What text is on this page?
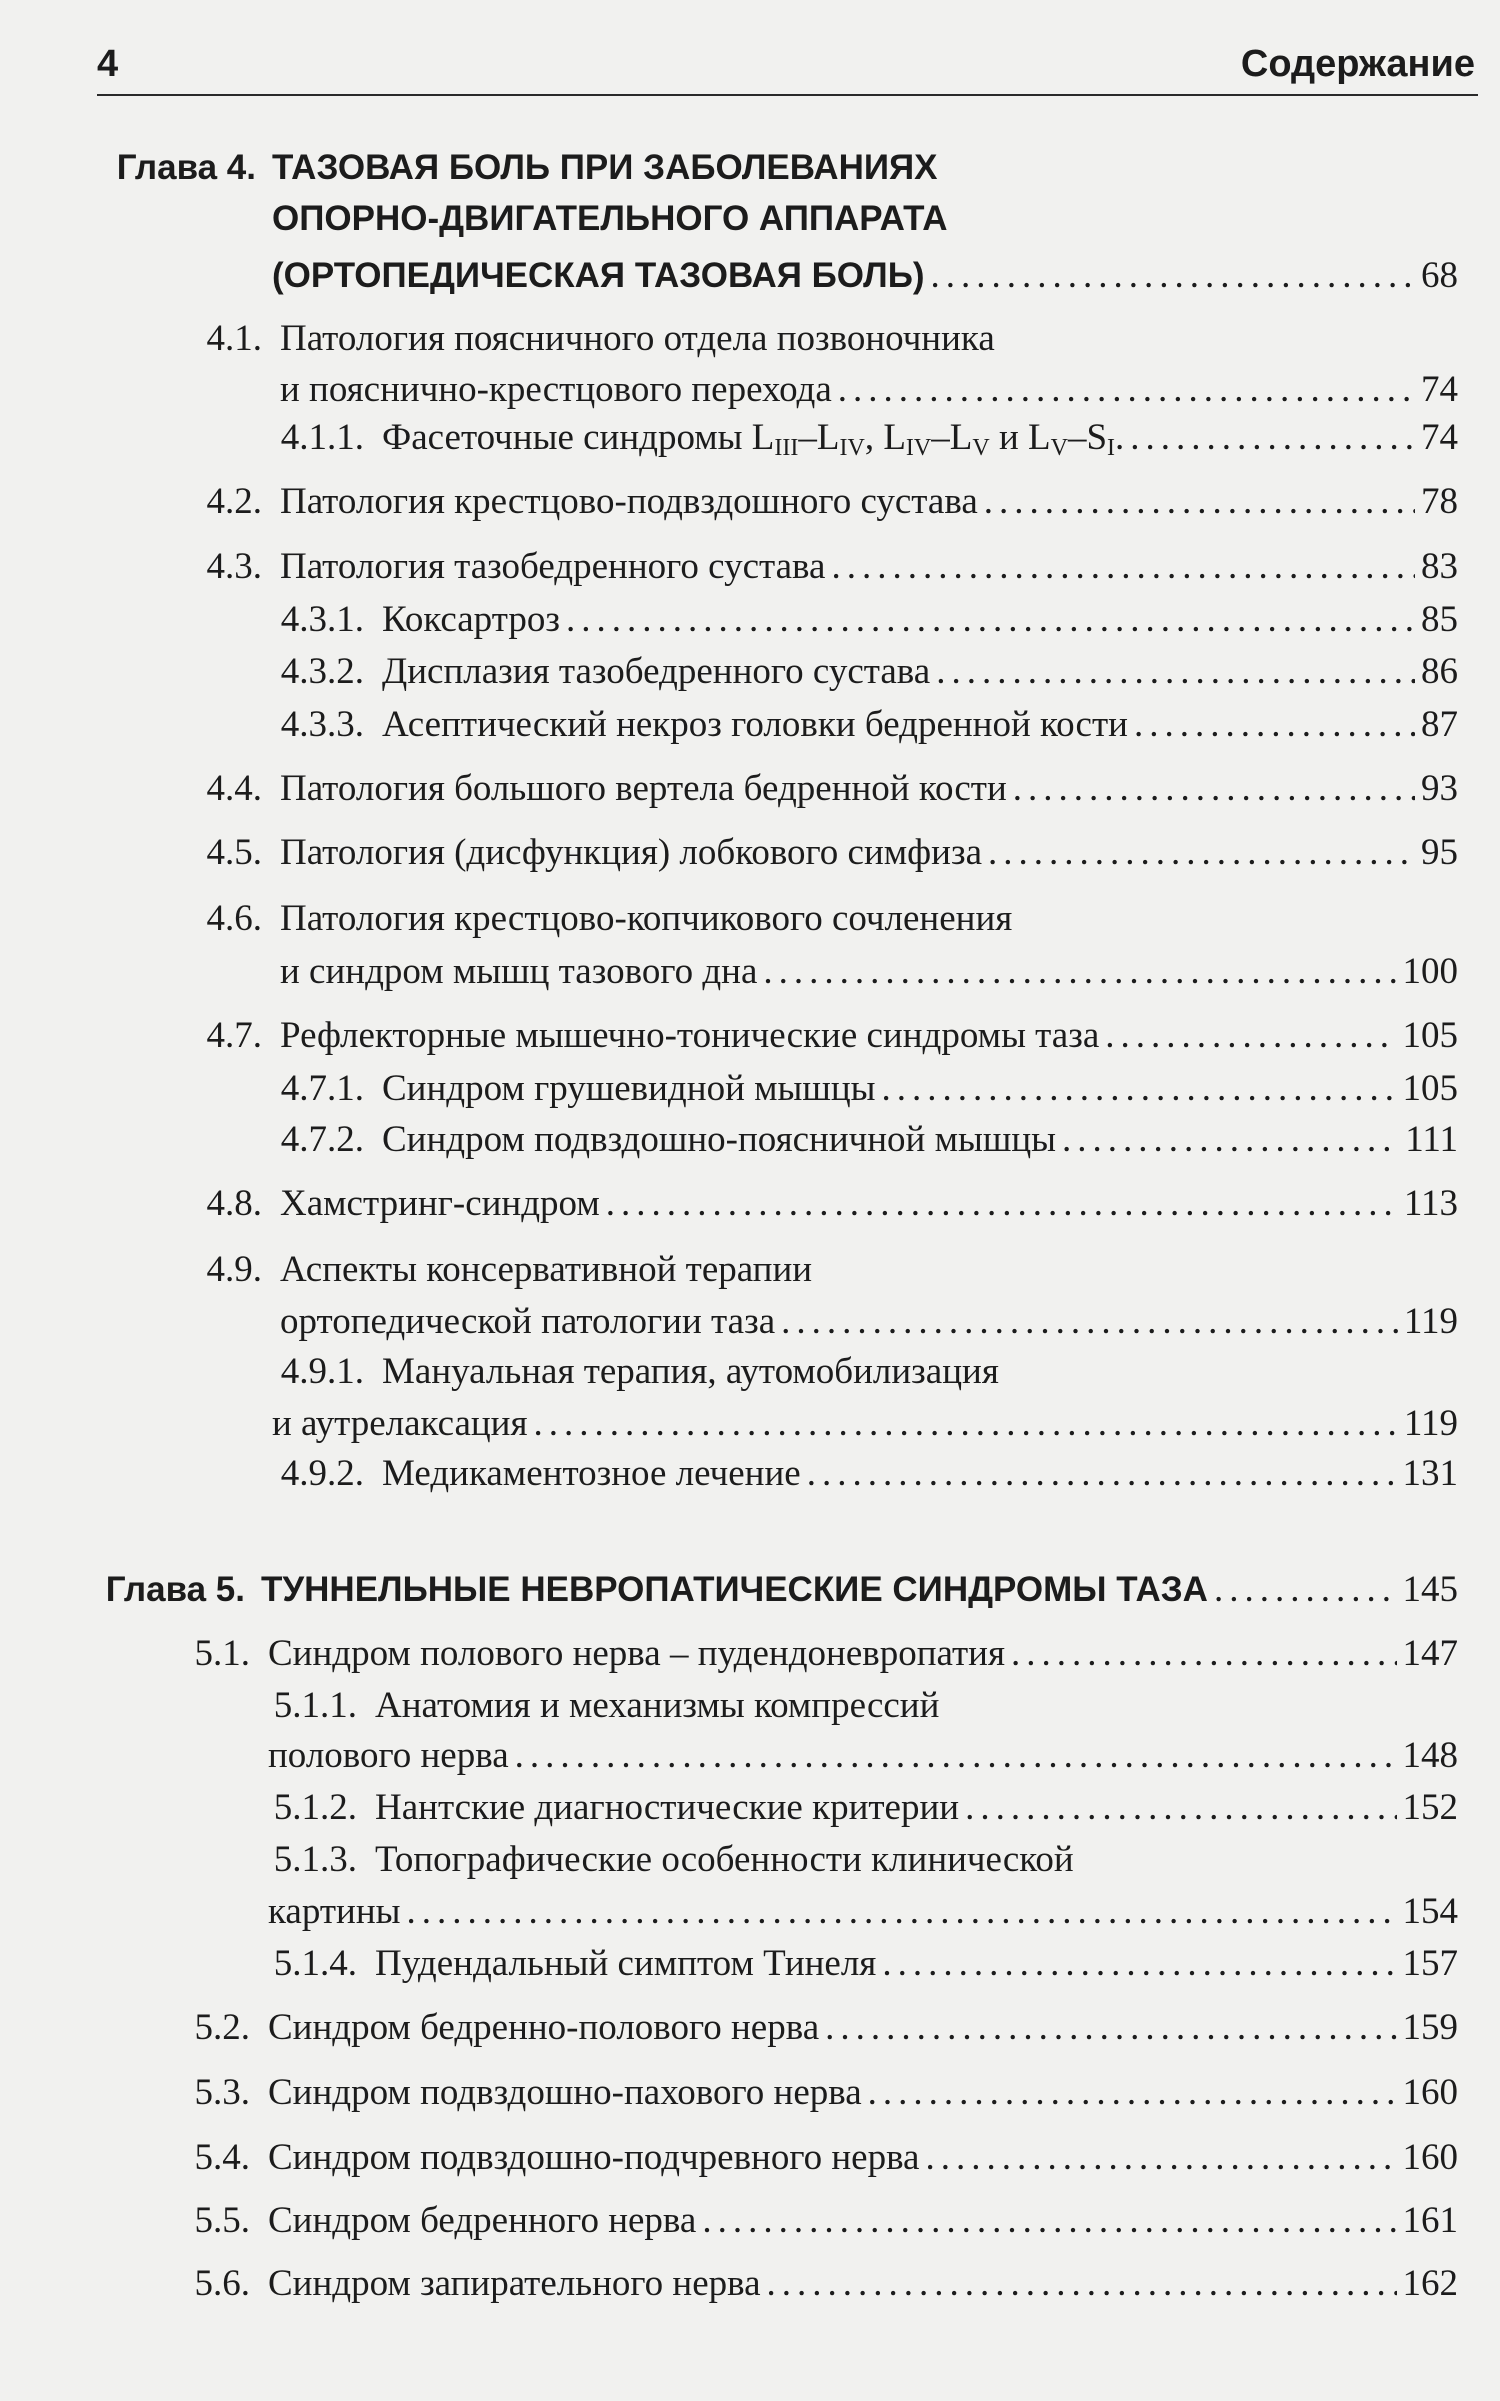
4	Содержание
Глава 4. ТАЗОВАЯ БОЛЬ ПРИ ЗАБОЛЕВАНИЯХ
ОПОРНО-ДВИГАТЕЛЬНОГО АППАРАТА
(ОРТОПЕДИЧЕСКАЯ ТАЗОВАЯ БОЛЬ) .....	68
4.1. Патология поясничного отдела позвоночника
и пояснично-крестцового перехода .....	74
4.1.1. Фасеточные синдромы $L_{III}-L_{IV}$, $L_{IV}-L_V$ и $L_V-S_I$. .....	74
4.2. Патология крестцово-подвздошного сустава .....	78
4.3. Патология тазобедренного сустава .....	83
4.3.1. Коксартроз .....	85
4.3.2. Дисплазия тазобедренного сустава .....	86
4.3.3. Асептический некроз головки бедренной кости .....	87
4.4. Патология большого вертела бедренной кости .....	93
4.5. Патология (дисфункция) лобкового симфиза .....	95
4.6. Патология крестцово-копчикового сочленения
и синдром мышц тазового дна .....	100
4.7. Рефлекторные мышечно-тонические синдромы таза .....	105
4.7.1. Синдром грушевидной мышцы .....	105
4.7.2. Синдром подвздошно-поясничной мышцы .....	111
4.8. Хамстринг-синдром .....	113
4.9. Аспекты консервативной терапии
ортопедической патологии таза .....	119
4.9.1. Мануальная терапия, аутомобилизация
и аутрелаксация .....	119
4.9.2. Медикаментозное лечение .....	131
Глава 5. ТУННЕЛЬНЫЕ НЕВРОПАТИЧЕСКИЕ СИНДРОМЫ ТАЗА .....	145
5.1. Синдром полового нерва – пудендоневропатия .....	147
5.1.1. Анатомия и механизмы компрессий
полового нерва .....	148
5.1.2. Нантские диагностические критерии .....	152
5.1.3. Топографические особенности клинической
картины .....	154
5.1.4. Пудендальный симптом Тинеля .....	157
5.2. Синдром бедренно-полового нерва .....	159
5.3. Синдром подвздошно-пахового нерва .....	160
5.4. Синдром подвздошно-подчревного нерва .....	160
5.5. Синдром бедренного нерва .....	161
5.6. Синдром запирательного нерва .....	162
